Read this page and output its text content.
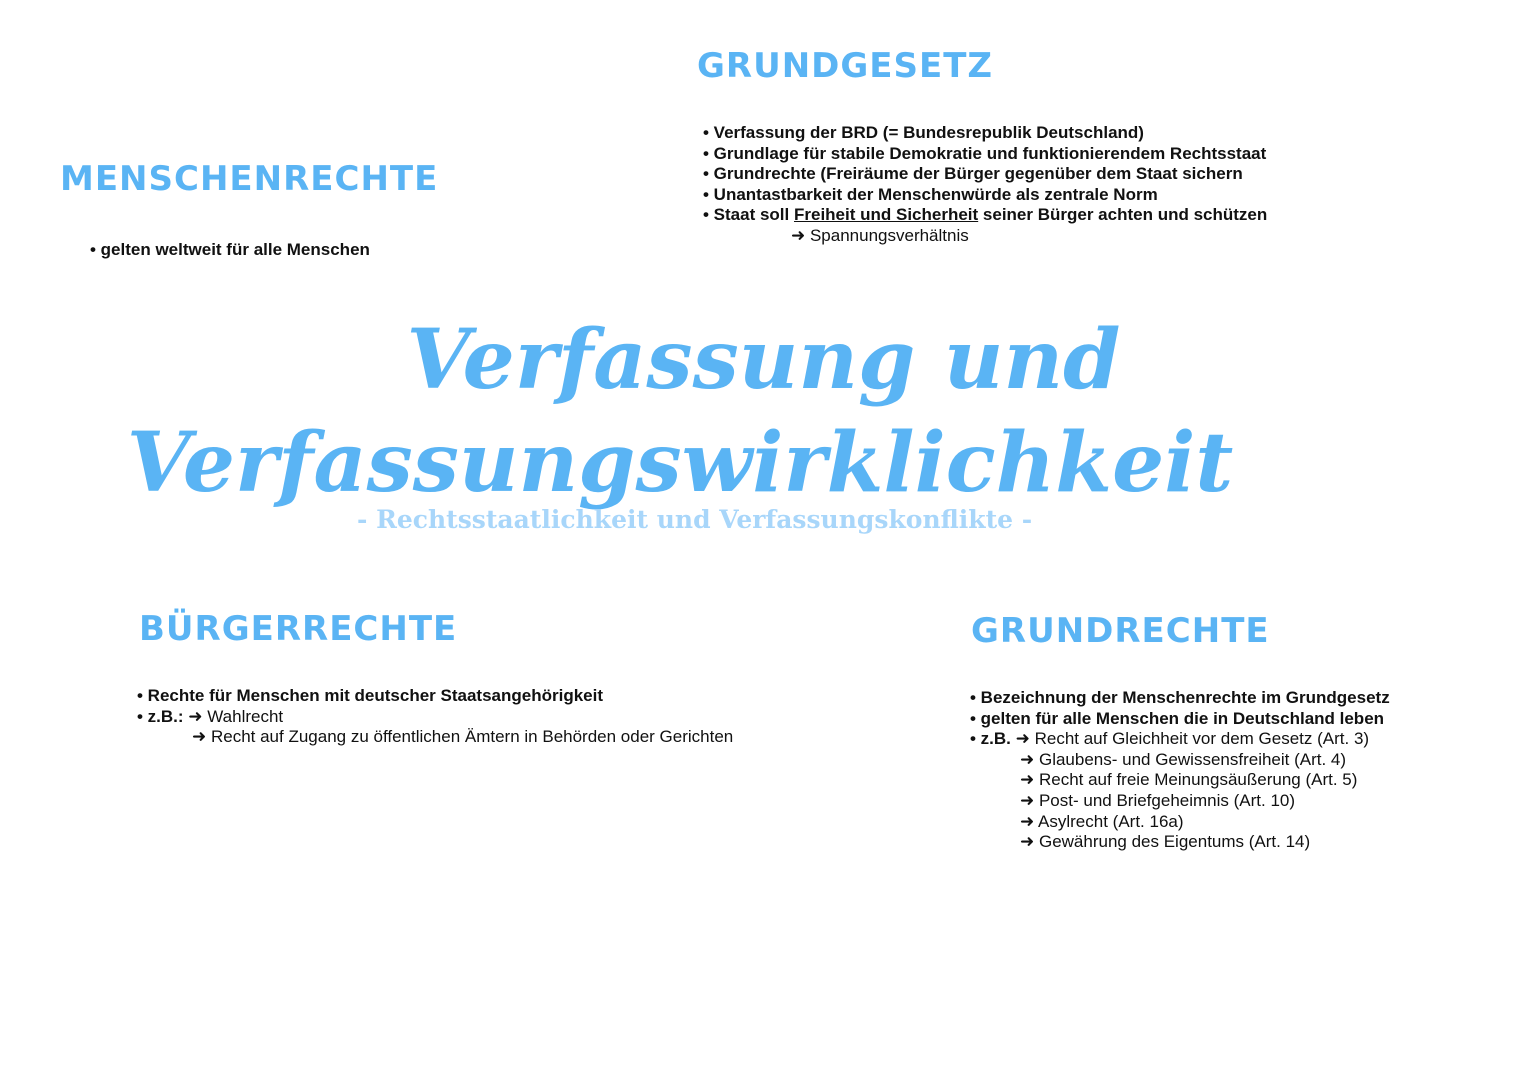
GRUNDGESETZ
• Verfassung der BRD (= Bundesrepublik Deutschland)
• Grundlage für stabile Demokratie und funktionierendem Rechtsstaat
• Grundrechte (Freiräume der Bürger gegenüber dem Staat sichern
• Unantastbarkeit der Menschenwürde als zentrale Norm
• Staat soll Freiheit und Sicherheit seiner Bürger achten und schützen
➜ Spannungsverhältnis
MENSCHENRECHTE
• gelten weltweit für alle Menschen
Verfassung und
Verfassungswirklichkeit

- Rechtsstaatlichkeit und Verfassungskonflikte -

BÜRGERRECHTE
• Rechte für Menschen mit deutscher Staatsangehörigkeit
• z.B.: ➜ Wahlrecht
➜ Recht auf Zugang zu öffentlichen Ämtern in Behörden oder Gerichten
GRUNDRECHTE
• Bezeichnung der Menschenrechte im Grundgesetz
• gelten für alle Menschen die in Deutschland leben
• z.B. ➜ Recht auf Gleichheit vor dem Gesetz (Art. 3)
➜ Glaubens- und Gewissensfreiheit (Art. 4)
➜ Recht auf freie Meinungsäußerung (Art. 5)
➜ Post- und Briefgeheimnis (Art. 10)
➜ Asylrecht (Art. 16a)
➜ Gewährung des Eigentums (Art. 14)
